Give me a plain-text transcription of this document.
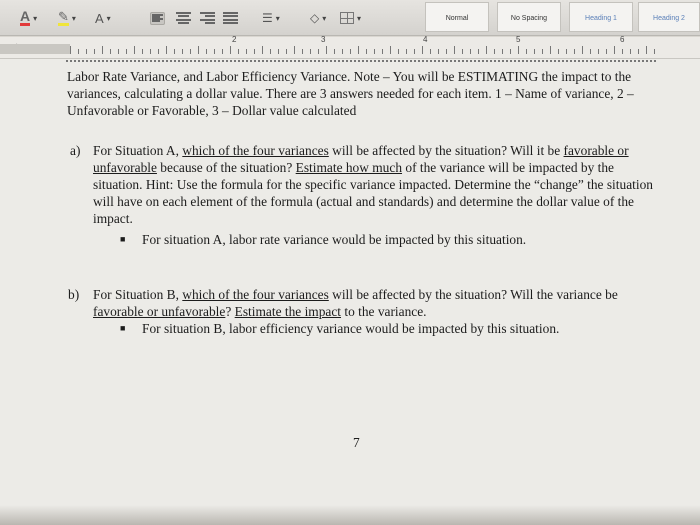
A ▾ ✎ ▾ A ▾	☰ ▾	◇ ▾	▾	Normal	No Spacing	Heading 1	Heading 2
2	3	4	5	6

Labor Rate Variance, and Labor Efficiency Variance. Note – You will be ESTIMATING the impact to the variances, calculating a dollar value. There are 3 answers needed for each item. 1 – Name of variance, 2 – Unfavorable or Favorable, 3 – Dollar value calculated

a) For Situation A, which of the four variances will be affected by the situation? Will it be favorable or unfavorable because of the situation? Estimate how much of the variance will be impacted by the situation. Hint: Use the formula for the specific variance impacted. Determine the “change” the situation will have on each element of the formula (actual and standards) and determine the dollar value of the impact.

■	For situation A, labor rate variance would be impacted by this situation.
b) For Situation B, which of the four variances will be affected by the situation? Will the variance be favorable or unfavorable? Estimate the impact to the variance.

■	For situation B, labor efficiency variance would be impacted by this situation.
7
